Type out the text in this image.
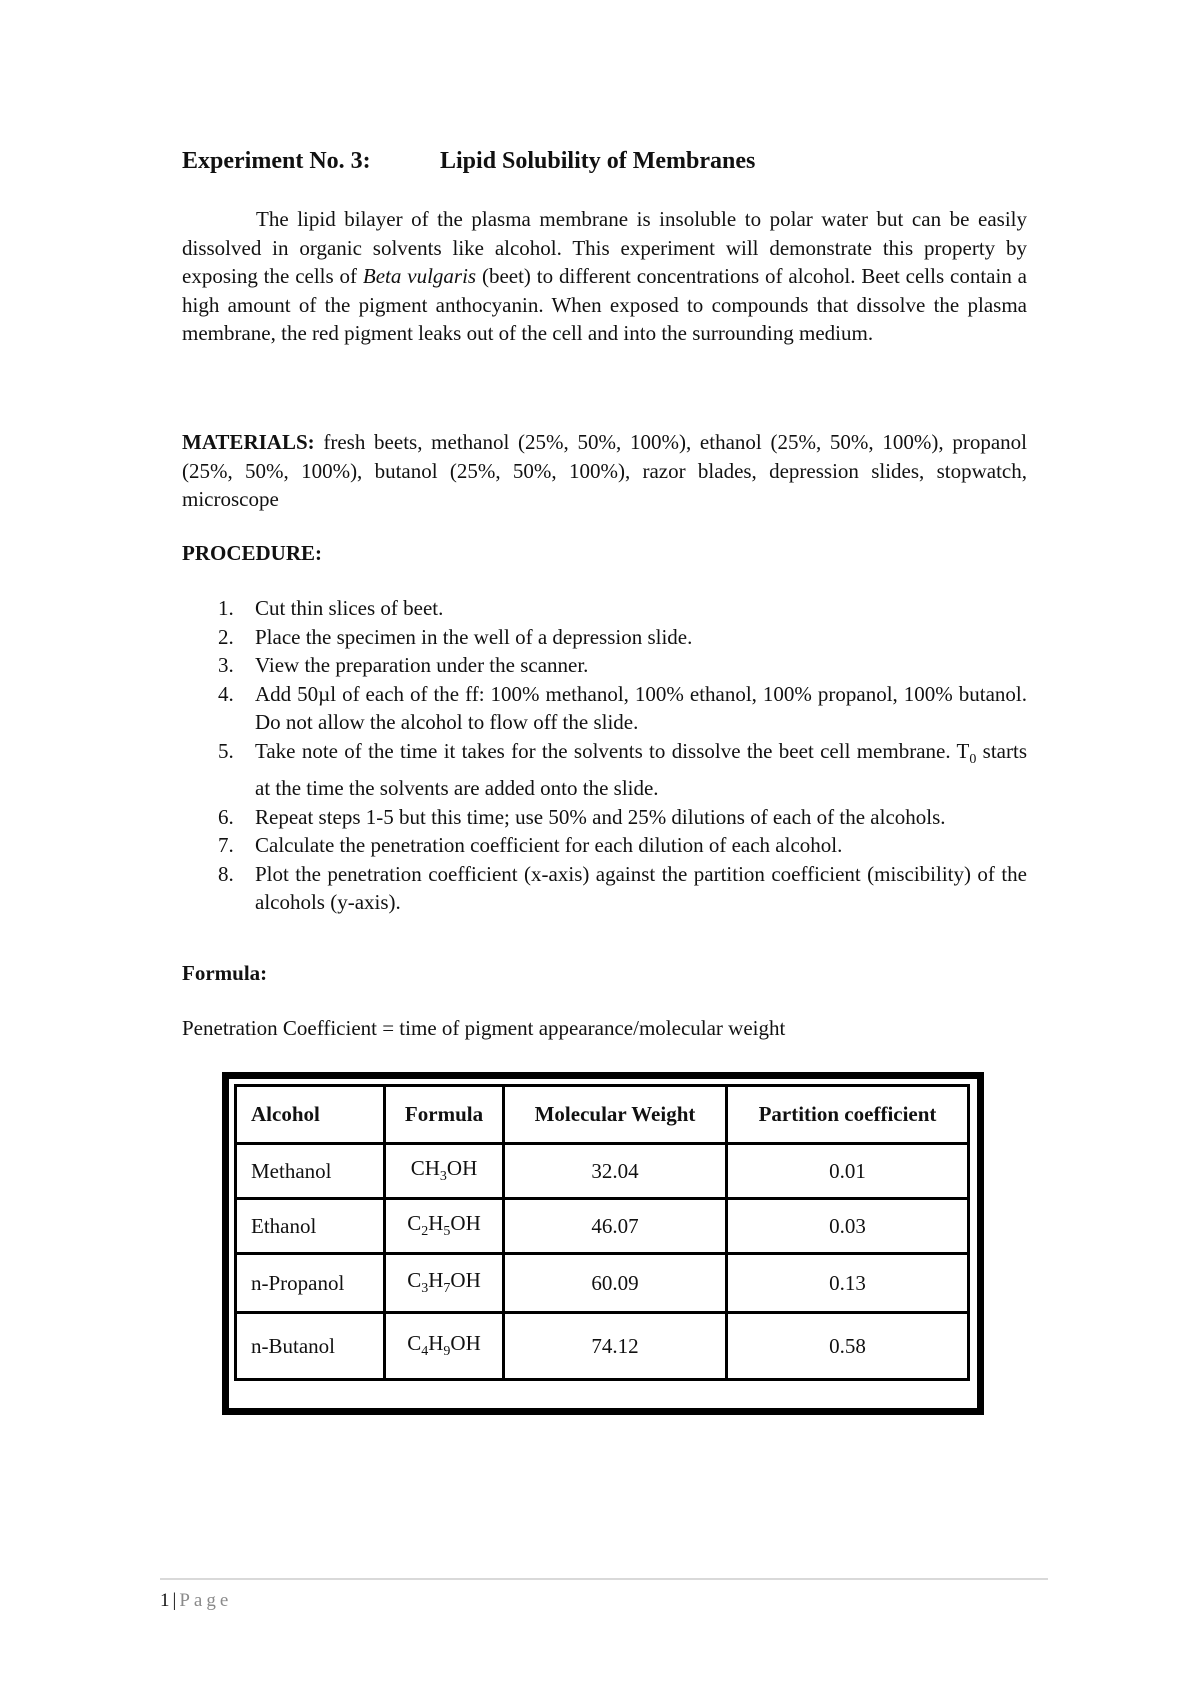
Experiment No. 3:	Lipid Solubility of Membranes
The lipid bilayer of the plasma membrane is insoluble to polar water but can be easily dissolved in organic solvents like alcohol. This experiment will demonstrate this property by exposing the cells of Beta vulgaris (beet) to different concentrations of alcohol. Beet cells contain a high amount of the pigment anthocyanin. When exposed to compounds that dissolve the plasma membrane, the red pigment leaks out of the cell and into the surrounding medium.
MATERIALS: fresh beets, methanol (25%, 50%, 100%), ethanol (25%, 50%, 100%), propanol (25%, 50%, 100%), butanol (25%, 50%, 100%), razor blades, depression slides, stopwatch, microscope
PROCEDURE:
1. Cut thin slices of beet.
2. Place the specimen in the well of a depression slide.
3. View the preparation under the scanner.
4. Add 50µl of each of the ff: 100% methanol, 100% ethanol, 100% propanol, 100% butanol. Do not allow the alcohol to flow off the slide.
5. Take note of the time it takes for the solvents to dissolve the beet cell membrane. $T_0$ starts at the time the solvents are added onto the slide.
6. Repeat steps 1-5 but this time; use 50% and 25% dilutions of each of the alcohols.
7. Calculate the penetration coefficient for each dilution of each alcohol.
8. Plot the penetration coefficient (x-axis) against the partition coefficient (miscibility) of the alcohols (y-axis).
Formula:
Penetration Coefficient = time of pigment appearance/molecular weight
Alcohol	Formula	Molecular Weight	Partition coefficient
Methanol	$CH_3OH$	32.04	0.01
Ethanol	$C_2H_5OH$	46.07	0.03
n-Propanol	$C_3H_7OH$	60.09	0.13
n-Butanol	$C_4H_9OH$	74.12	0.58
1 | Page
